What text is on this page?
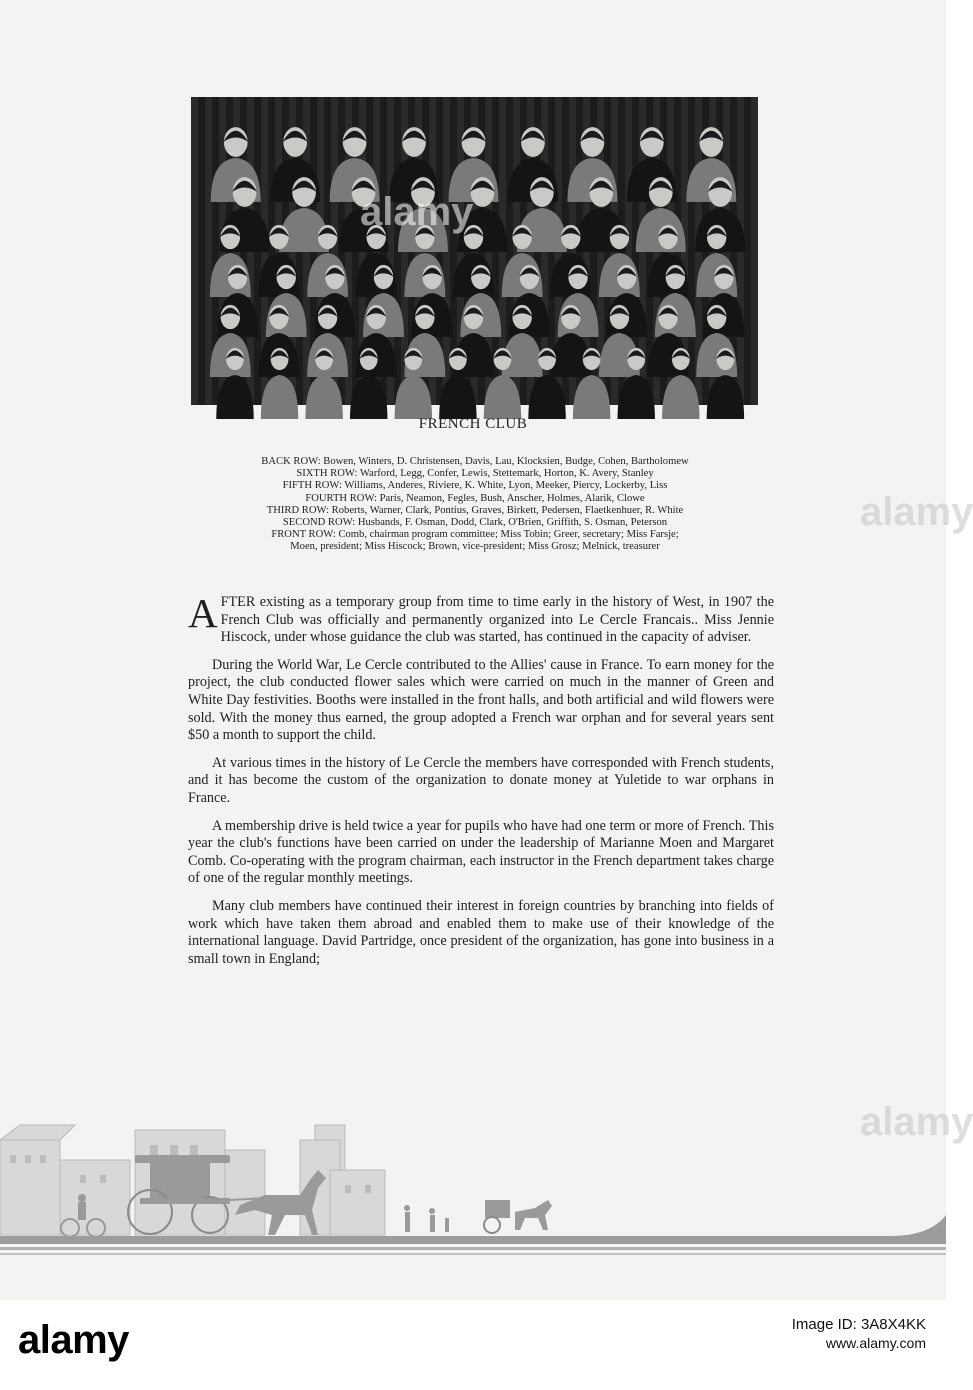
FRENCH CLUB
BACK ROW: Bowen, Winters, D. Christensen, Davis, Lau, Klocksien, Budge, Cohen, Bartholomew
SIXTH ROW: Warford, Legg, Confer, Lewis, Stettemark, Horton, K. Avery, Stanley
FIFTH ROW: Williams, Anderes, Riviere, K. White, Lyon, Meeker, Piercy, Lockerby, Liss
FOURTH ROW: Paris, Neamon, Fegles, Bush, Anscher, Holmes, Alarik, Clowe
THIRD ROW: Roberts, Warner, Clark, Pontius, Graves, Birkett, Pedersen, Flaetkenhuer, R. White
SECOND ROW: Husbands, F. Osman, Dodd, Clark, O'Brien, Griffith, S. Osman, Peterson
FRONT ROW: Comb, chairman program committee; Miss Tobin; Greer, secretary; Miss Farsje;
Moen, president; Miss Hiscock; Brown, vice-president; Miss Grosz; Melnick, treasurer

AFTER existing as a temporary group from time to time early in the history of West, in 1907 the French Club was officially and permanently organized into Le Cercle Francais.. Miss Jennie Hiscock, under whose guidance the club was started, has continued in the capacity of adviser.

During the World War, Le Cercle contributed to the Allies' cause in France. To earn money for the project, the club conducted flower sales which were carried on much in the manner of Green and White Day festivities. Booths were installed in the front halls, and both artificial and wild flowers were sold. With the money thus earned, the group adopted a French war orphan and for several years sent $50 a month to support the child.

At various times in the history of Le Cercle the members have corresponded with French students, and it has become the custom of the organization to donate money at Yuletide to war orphans in France.

A membership drive is held twice a year for pupils who have had one term or more of French. This year the club's functions have been carried on under the leadership of Marianne Moen and Margaret Comb. Co-operating with the program chairman, each instructor in the French department takes charge of one of the regular monthly meetings.

Many club members have continued their interest in foreign countries by branching into fields of work which have taken them abroad and enabled them to make use of their knowledge of the international language. David Partridge, once president of the organization, has gone into business in a small town in England;

alamy
alamy
alamy
alamy	Image ID: 3A8X4KK
www.alamy.com
